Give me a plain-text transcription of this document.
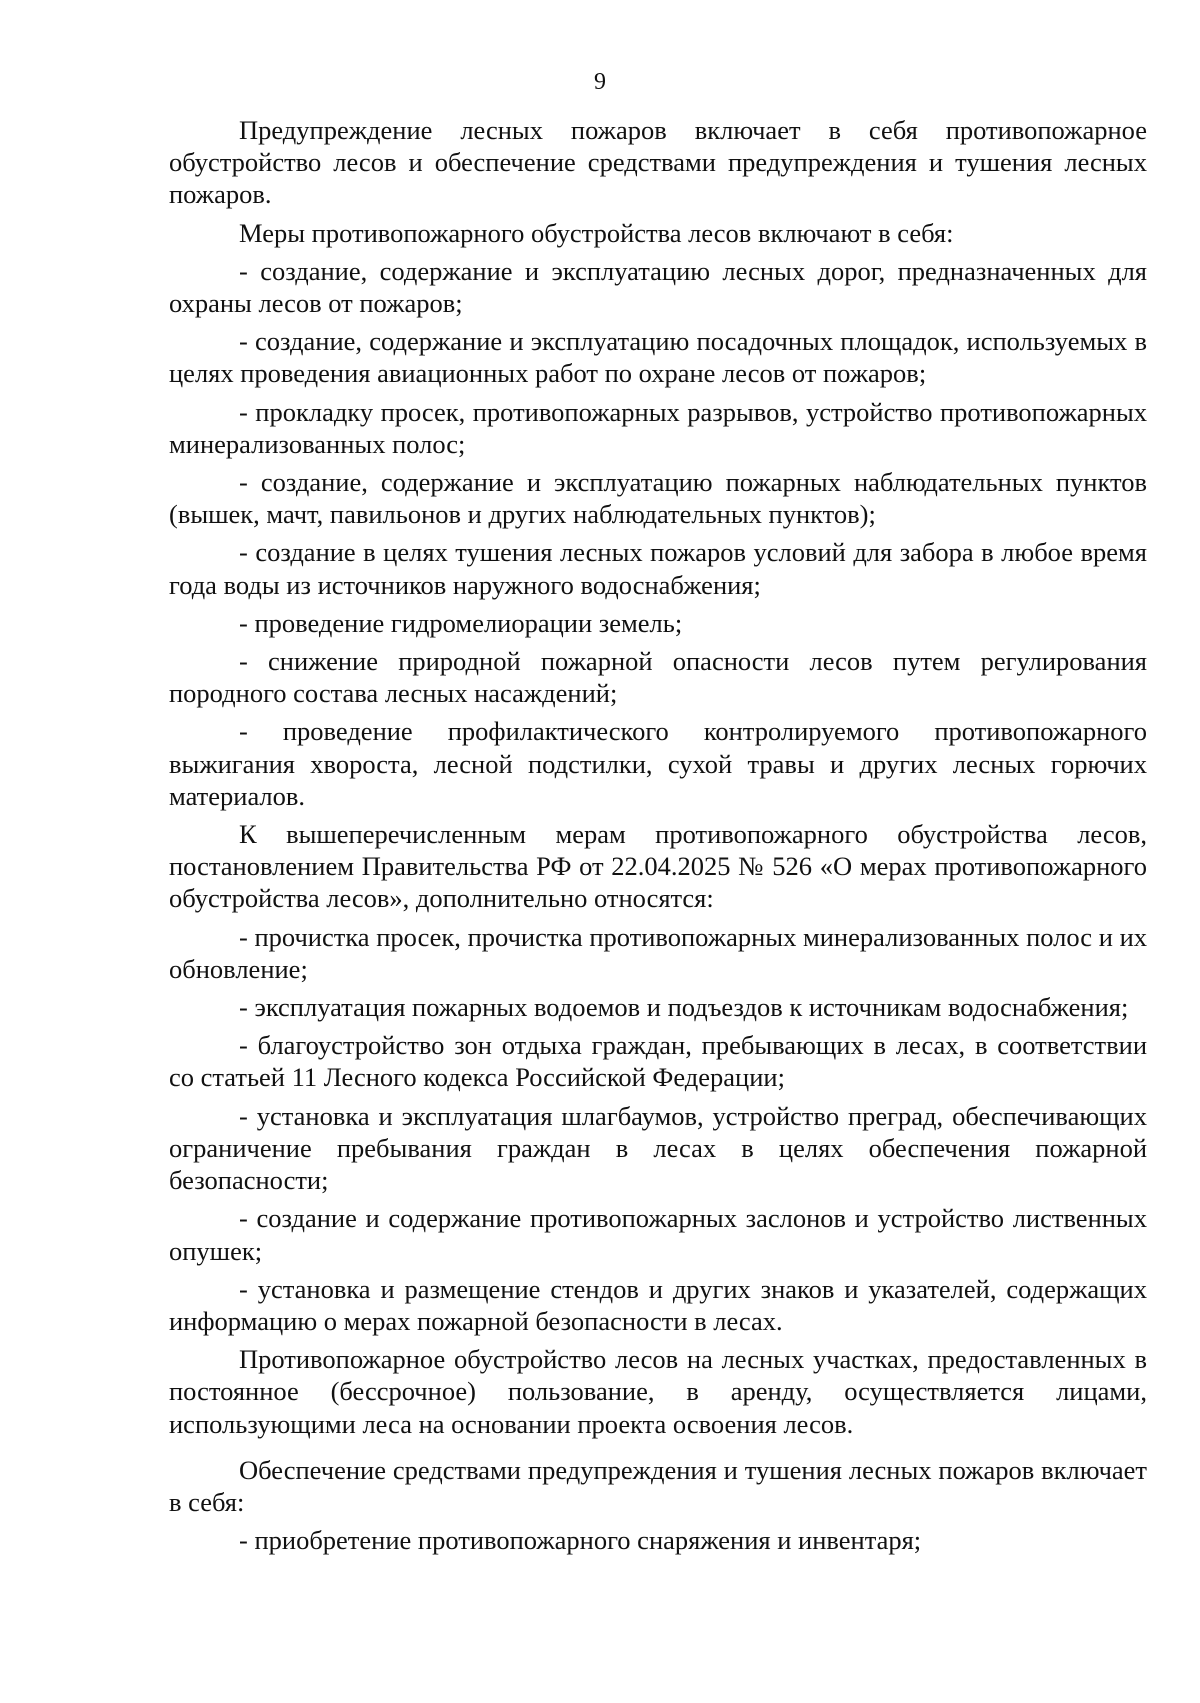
9

Предупреждение лесных пожаров включает в себя противопожарное обустройство лесов и обеспечение средствами предупреждения и тушения лесных пожаров.

Меры противопожарного обустройства лесов включают в себя:

- создание, содержание и эксплуатацию лесных дорог, предназначенных для охраны лесов от пожаров;

- создание, содержание и эксплуатацию посадочных площадок, используемых в целях проведения авиационных работ по охране лесов от пожаров;

- прокладку просек, противопожарных разрывов, устройство противопожарных минерализованных полос;

- создание, содержание и эксплуатацию пожарных наблюдательных пунктов (вышек, мачт, павильонов и других наблюдательных пунктов);

- создание в целях тушения лесных пожаров условий для забора в любое время года воды из источников наружного водоснабжения;

- проведение гидромелиорации земель;

- снижение природной пожарной опасности лесов путем регулирования породного состава лесных насаждений;

- проведение профилактического контролируемого противопожарного выжигания хвороста, лесной подстилки, сухой травы и других лесных горючих материалов.

К вышеперечисленным мерам противопожарного обустройства лесов, постановлением Правительства РФ от 22.04.2025 № 526 «О мерах противопожарного обустройства лесов», дополнительно относятся:

- прочистка просек, прочистка противопожарных минерализованных полос и их обновление;

- эксплуатация пожарных водоемов и подъездов к источникам водоснабжения;

- благоустройство зон отдыха граждан, пребывающих в лесах, в соответствии со статьей 11 Лесного кодекса Российской Федерации;

- установка и эксплуатация шлагбаумов, устройство преград, обеспечивающих ограничение пребывания граждан в лесах в целях обеспечения пожарной безопасности;

- создание и содержание противопожарных заслонов и устройство лиственных опушек;

- установка и размещение стендов и других знаков и указателей, содержащих информацию о мерах пожарной безопасности в лесах.

Противопожарное обустройство лесов на лесных участках, предоставленных в постоянное (бессрочное) пользование, в аренду, осуществляется лицами, использующими леса на основании проекта освоения лесов.

Обеспечение средствами предупреждения и тушения лесных пожаров включает в себя:

- приобретение противопожарного снаряжения и инвентаря;
